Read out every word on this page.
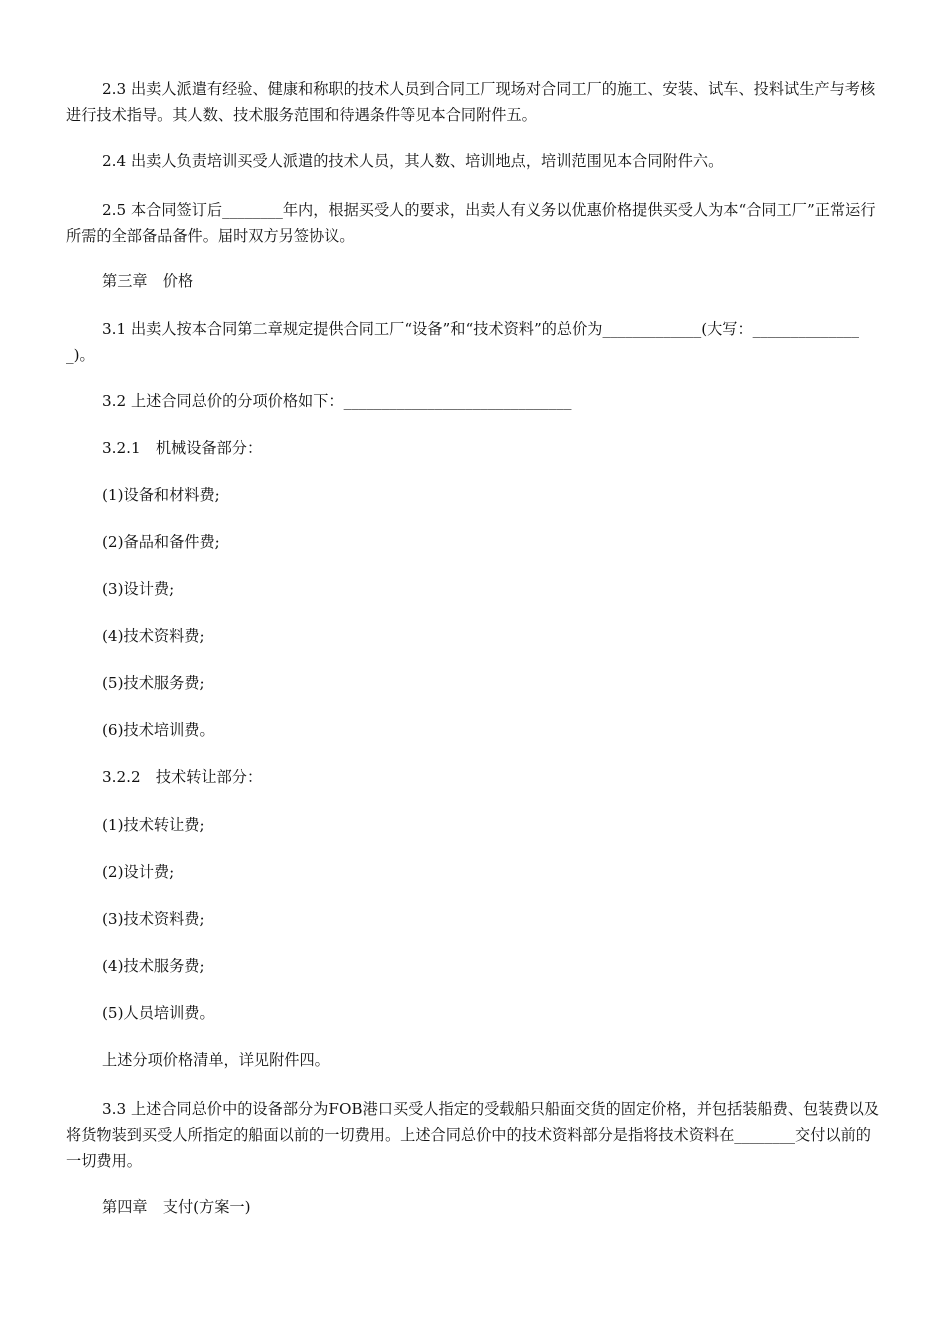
2.3 出卖人派遣有经验、健康和称职的技术人员到合同工厂现场对合同工厂的施工、安装、试车、投料试生产与考核进行技术指导。其人数、技术服务范围和待遇条件等见本合同附件五。

2.4 出卖人负责培训买受人派遣的技术人员，其人数、培训地点，培训范围见本合同附件六。

2.5 本合同签订后________年内，根据买受人的要求，出卖人有义务以优惠价格提供买受人为本“合同工厂”正常运行所需的全部备品备件。届时双方另签协议。

第三章　价格

3.1 出卖人按本合同第二章规定提供合同工厂“设备”和“技术资料”的总价为_____________(大写：_______________)。

3.2 上述合同总价的分项价格如下：______________________________

3.2.1　机械设备部分：

(1)设备和材料费;

(2)备品和备件费;

(3)设计费;

(4)技术资料费;

(5)技术服务费;

(6)技术培训费。

3.2.2　技术转让部分：

(1)技术转让费;

(2)设计费;

(3)技术资料费;

(4)技术服务费;

(5)人员培训费。

上述分项价格清单，详见附件四。

3.3 上述合同总价中的设备部分为FOB港口买受人指定的受载船只船面交货的固定价格，并包括装船费、包装费以及将货物装到买受人所指定的船面以前的一切费用。上述合同总价中的技术资料部分是指将技术资料在________交付以前的一切费用。

第四章　支付(方案一)
